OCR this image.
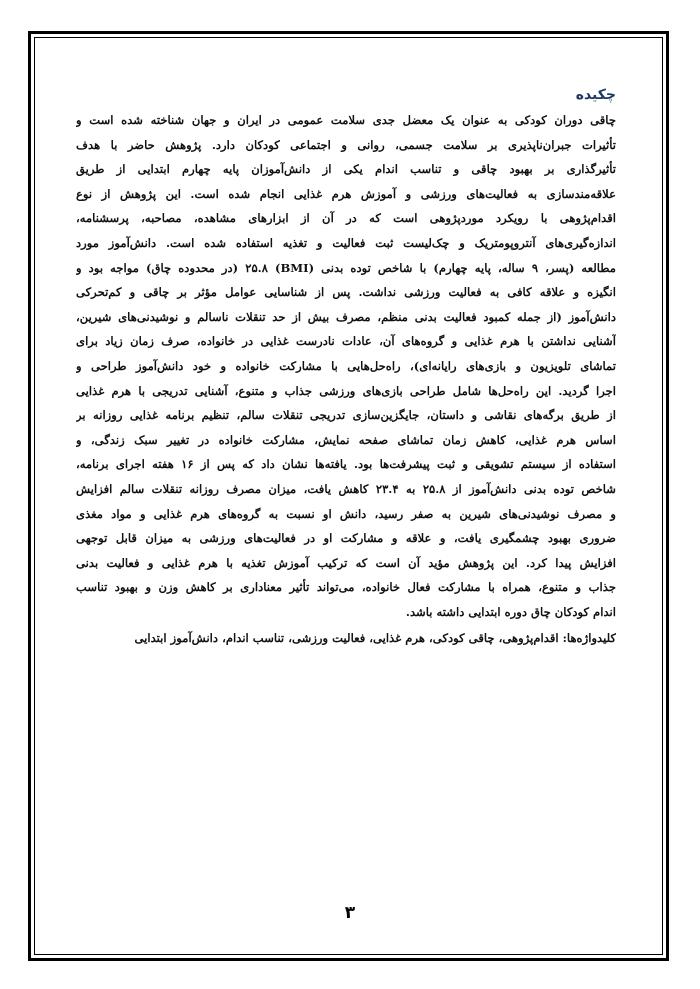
چکیده
چاقی دوران کودکی به عنوان یک معضل جدی سلامت عمومی در ایران و جهان شناخته شده است و
تأثیرات جبران‌ناپذیری بر سلامت جسمی، روانی و اجتماعی کودکان دارد. پژوهش حاضر با هدف
تأثیرگذاری بر بهبود چاقی و تناسب اندام یکی از دانش‌آموزان پایه چهارم ابتدایی از طریق
علاقه‌مندسازی به فعالیت‌های ورزشی و آموزش هرم غذایی انجام شده است. این پژوهش از نوع
اقدام‌پژوهی با رویکرد موردپژوهی است که در آن از ابزارهای مشاهده، مصاحبه، پرسشنامه،
اندازه‌گیری‌های آنتروپومتریک و چک‌لیست ثبت فعالیت و تغذیه استفاده شده است. دانش‌آموز مورد
مطالعه (پسر، ۹ ساله، پایه چهارم) با شاخص توده بدنی (BMI) ۲۵.۸ (در محدوده چاق) مواجه بود و
انگیزه و علاقه کافی به فعالیت ورزشی نداشت. پس از شناسایی عوامل مؤثر بر چاقی و کم‌تحرکی
دانش‌آموز (از جمله کمبود فعالیت بدنی منظم، مصرف بیش از حد تنقلات ناسالم و نوشیدنی‌های شیرین،
آشنایی نداشتن با هرم غذایی و گروه‌های آن، عادات نادرست غذایی در خانواده، صرف زمان زیاد برای
تماشای تلویزیون و بازی‌های رایانه‌ای)، راه‌حل‌هایی با مشارکت خانواده و خود دانش‌آموز طراحی و
اجرا گردید. این راه‌حل‌ها شامل طراحی بازی‌های ورزشی جذاب و متنوع، آشنایی تدریجی با هرم غذایی
از طریق برگه‌های نقاشی و داستان، جایگزین‌سازی تدریجی تنقلات سالم، تنظیم برنامه غذایی روزانه بر
اساس هرم غذایی، کاهش زمان تماشای صفحه نمایش، مشارکت خانواده در تغییر سبک زندگی، و
استفاده از سیستم تشویقی و ثبت پیشرفت‌ها بود. یافته‌ها نشان داد که پس از ۱۶ هفته اجرای برنامه،
شاخص توده بدنی دانش‌آموز از ۲۵.۸ به ۲۳.۴ کاهش یافت، میزان مصرف روزانه تنقلات سالم افزایش
و مصرف نوشیدنی‌های شیرین به صفر رسید، دانش او نسبت به گروه‌های هرم غذایی و مواد مغذی
ضروری بهبود چشمگیری یافت، و علاقه و مشارکت او در فعالیت‌های ورزشی به میزان قابل توجهی
افزایش پیدا کرد. این پژوهش مؤید آن است که ترکیب آموزش تغذیه با هرم غذایی و فعالیت بدنی
جذاب و متنوع، همراه با مشارکت فعال خانواده، می‌تواند تأثیر معناداری بر کاهش وزن و بهبود تناسب
اندام کودکان چاق دوره ابتدایی داشته باشد.
کلیدواژه‌ها: اقدام‌پژوهی، چاقی کودکی، هرم غذایی، فعالیت ورزشی، تناسب اندام، دانش‌آموز ابتدایی
۳
